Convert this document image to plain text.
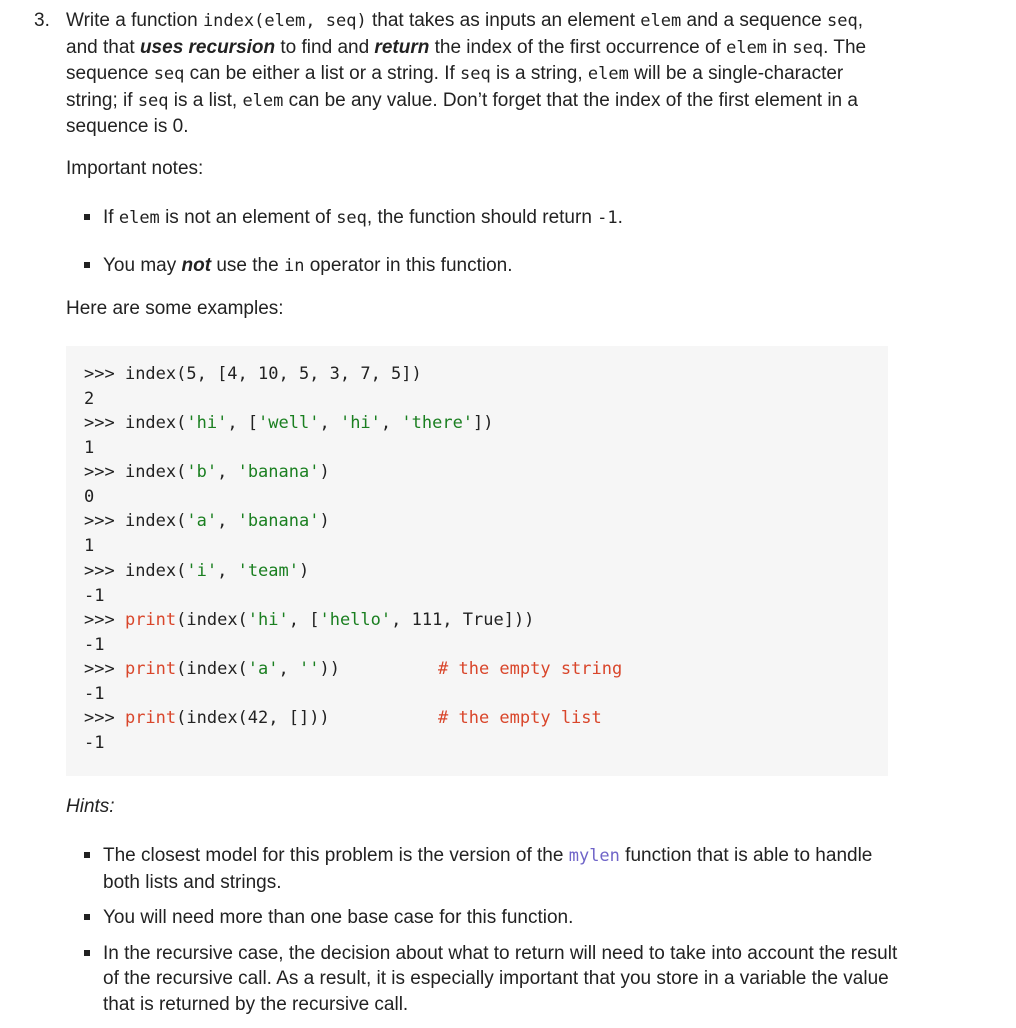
3. Write a function index(elem, seq) that takes as inputs an element elem and a sequence seq, and that uses recursion to find and return the index of the first occurrence of elem in seq. The sequence seq can be either a list or a string. If seq is a string, elem will be a single-character string; if seq is a list, elem can be any value. Don’t forget that the index of the first element in a sequence is 0.
Important notes:
If elem is not an element of seq, the function should return -1.
You may not use the in operator in this function.
Here are some examples:
>>> index(5, [4, 10, 5, 3, 7, 5])
2
>>> index('hi', ['well', 'hi', 'there'])
1
>>> index('b', 'banana')
0
>>> index('a', 'banana')
1
>>> index('i', 'team')
-1
>>> print(index('hi', ['hello', 111, True]))
-1
>>> print(index('a', ''))	# the empty string
-1
>>> print(index(42, []))	# the empty list
-1
Hints:
The closest model for this problem is the version of the mylen function that is able to handle both lists and strings.
You will need more than one base case for this function.
In the recursive case, the decision about what to return will need to take into account the result of the recursive call. As a result, it is especially important that you store in a variable the value that is returned by the recursive call.
